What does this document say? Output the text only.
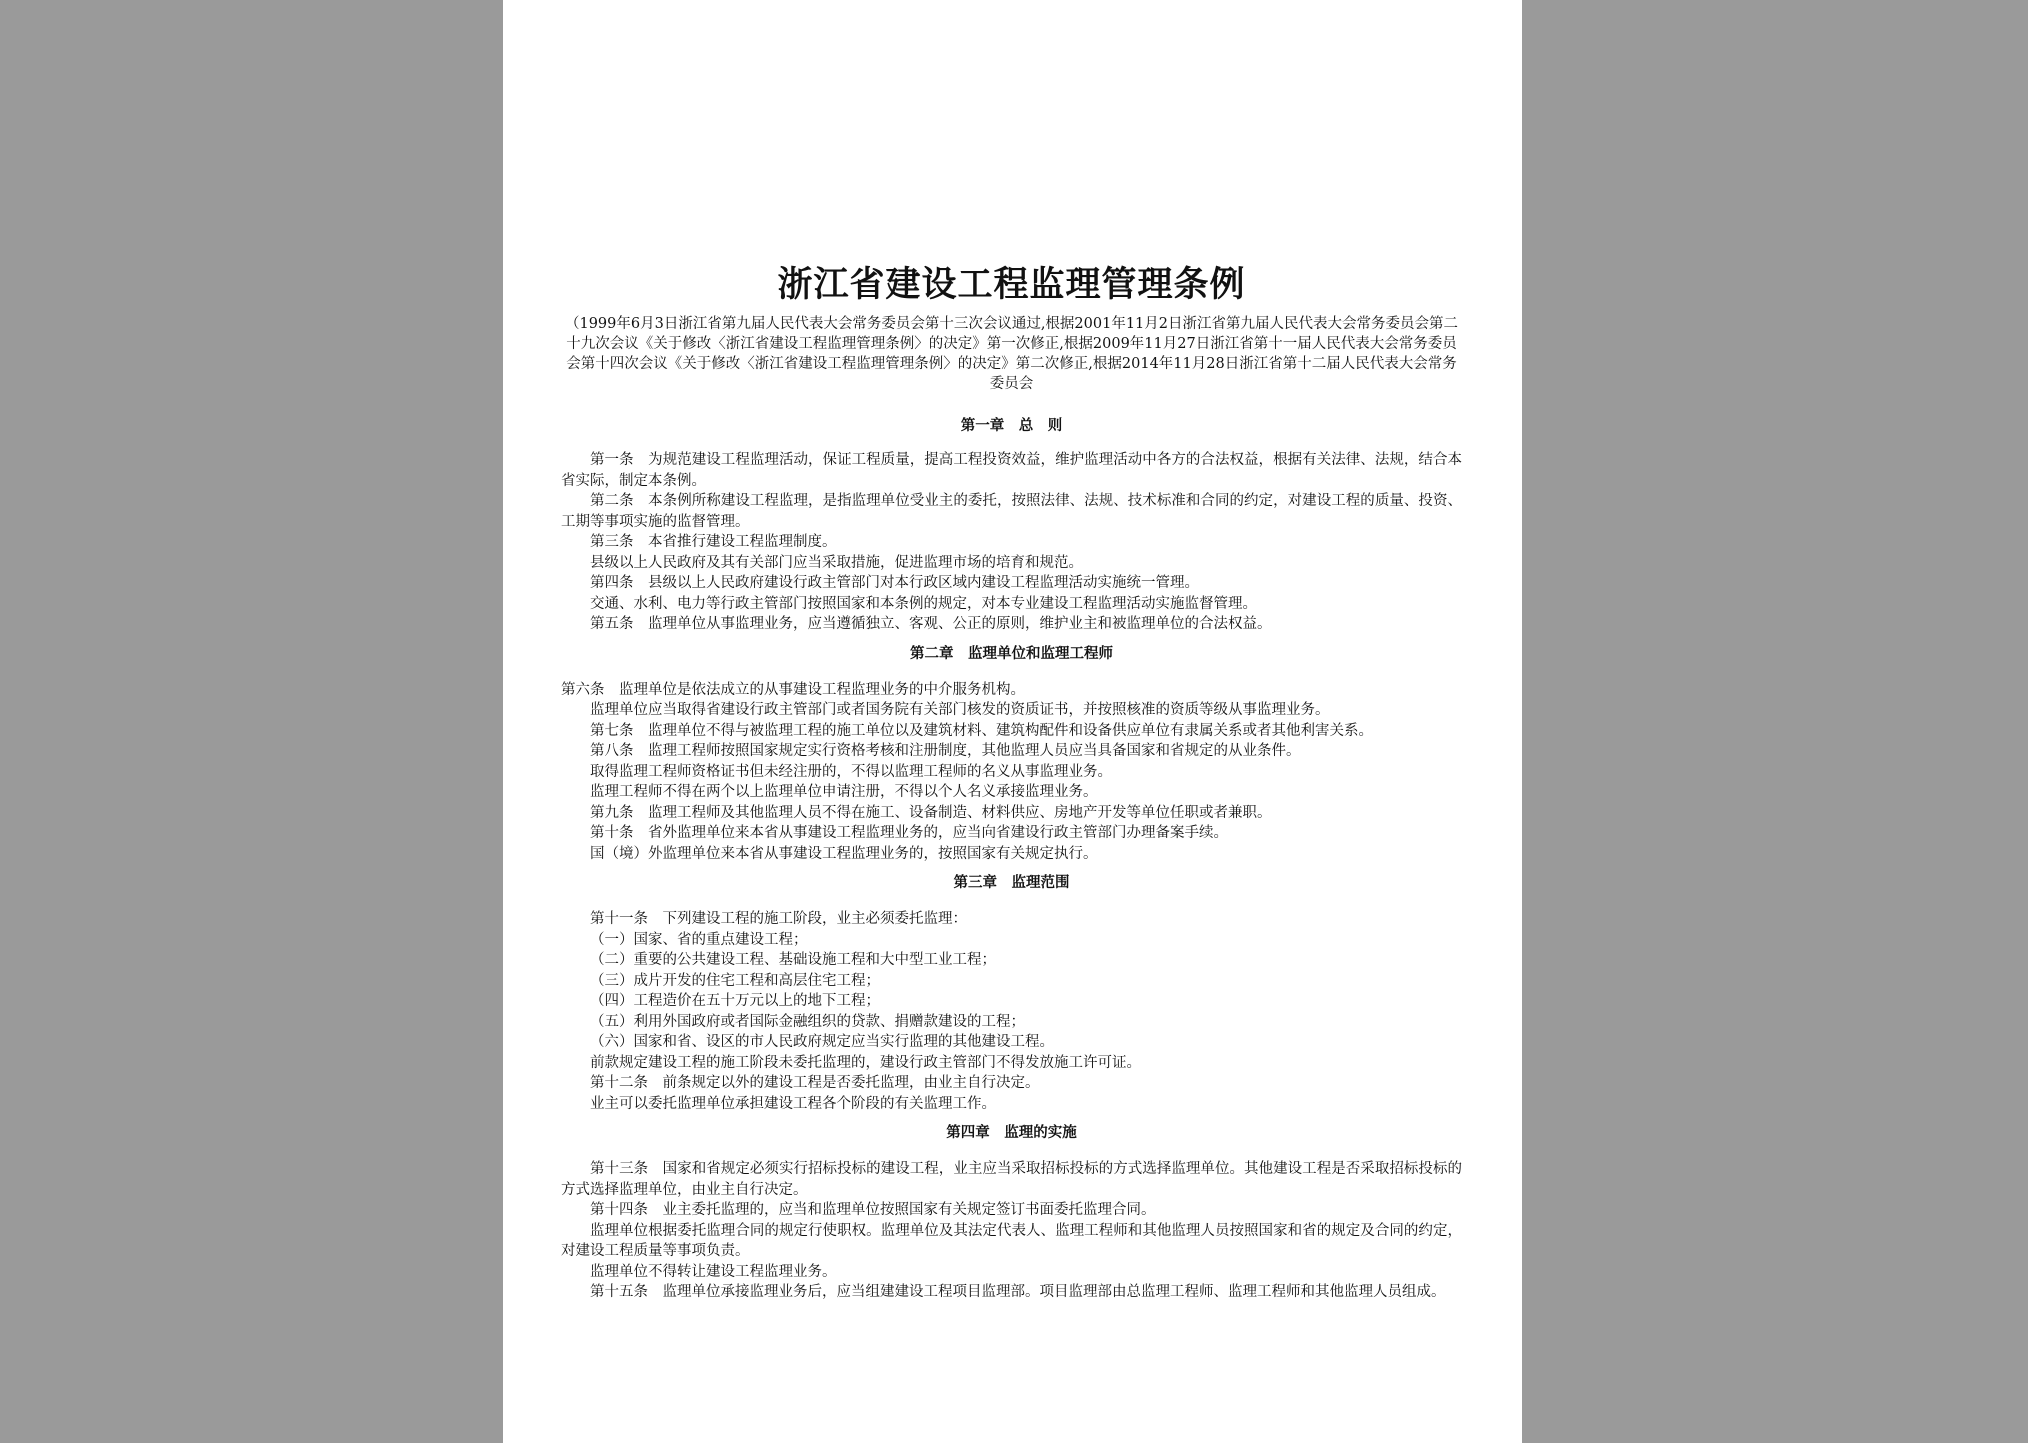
浙江省建设工程监理管理条例
（1999年6月3日浙江省第九届人民代表大会常务委员会第十三次会议通过,根据2001年11月2日浙江省第九届人民代表大会常务委员会第二十九次会议《关于修改〈浙江省建设工程监理管理条例〉的决定》第一次修正,根据2009年11月27日浙江省第十一届人民代表大会常务委员会第十四次会议《关于修改〈浙江省建设工程监理管理条例〉的决定》第二次修正,根据2014年11月28日浙江省第十二届人民代表大会常务委员会
第一章　总　则

第一条　为规范建设工程监理活动，保证工程质量，提高工程投资效益，维护监理活动中各方的合法权益，根据有关法律、法规，结合本省实际，制定本条例。

第二条　本条例所称建设工程监理，是指监理单位受业主的委托，按照法律、法规、技术标准和合同的约定，对建设工程的质量、投资、工期等事项实施的监督管理。

第三条　本省推行建设工程监理制度。

县级以上人民政府及其有关部门应当采取措施，促进监理市场的培育和规范。

第四条　县级以上人民政府建设行政主管部门对本行政区域内建设工程监理活动实施统一管理。

交通、水利、电力等行政主管部门按照国家和本条例的规定，对本专业建设工程监理活动实施监督管理。

第五条　监理单位从事监理业务，应当遵循独立、客观、公正的原则，维护业主和被监理单位的合法权益。

第二章　监理单位和监理工程师

第六条　监理单位是依法成立的从事建设工程监理业务的中介服务机构。

监理单位应当取得省建设行政主管部门或者国务院有关部门核发的资质证书，并按照核准的资质等级从事监理业务。

第七条　监理单位不得与被监理工程的施工单位以及建筑材料、建筑构配件和设备供应单位有隶属关系或者其他利害关系。

第八条　监理工程师按照国家规定实行资格考核和注册制度，其他监理人员应当具备国家和省规定的从业条件。

取得监理工程师资格证书但未经注册的，不得以监理工程师的名义从事监理业务。

监理工程师不得在两个以上监理单位申请注册，不得以个人名义承接监理业务。

第九条　监理工程师及其他监理人员不得在施工、设备制造、材料供应、房地产开发等单位任职或者兼职。

第十条　省外监理单位来本省从事建设工程监理业务的，应当向省建设行政主管部门办理备案手续。

国（境）外监理单位来本省从事建设工程监理业务的，按照国家有关规定执行。

第三章　监理范围

第十一条　下列建设工程的施工阶段，业主必须委托监理：

（一）国家、省的重点建设工程；

（二）重要的公共建设工程、基础设施工程和大中型工业工程；

（三）成片开发的住宅工程和高层住宅工程；

（四）工程造价在五十万元以上的地下工程；

（五）利用外国政府或者国际金融组织的贷款、捐赠款建设的工程；

（六）国家和省、设区的市人民政府规定应当实行监理的其他建设工程。

前款规定建设工程的施工阶段未委托监理的，建设行政主管部门不得发放施工许可证。

第十二条　前条规定以外的建设工程是否委托监理，由业主自行决定。

业主可以委托监理单位承担建设工程各个阶段的有关监理工作。

第四章　监理的实施

第十三条　国家和省规定必须实行招标投标的建设工程，业主应当采取招标投标的方式选择监理单位。其他建设工程是否采取招标投标的方式选择监理单位，由业主自行决定。

第十四条　业主委托监理的，应当和监理单位按照国家有关规定签订书面委托监理合同。

监理单位根据委托监理合同的规定行使职权。监理单位及其法定代表人、监理工程师和其他监理人员按照国家和省的规定及合同的约定，对建设工程质量等事项负责。

监理单位不得转让建设工程监理业务。

第十五条　监理单位承接监理业务后，应当组建建设工程项目监理部。项目监理部由总监理工程师、监理工程师和其他监理人员组成。
